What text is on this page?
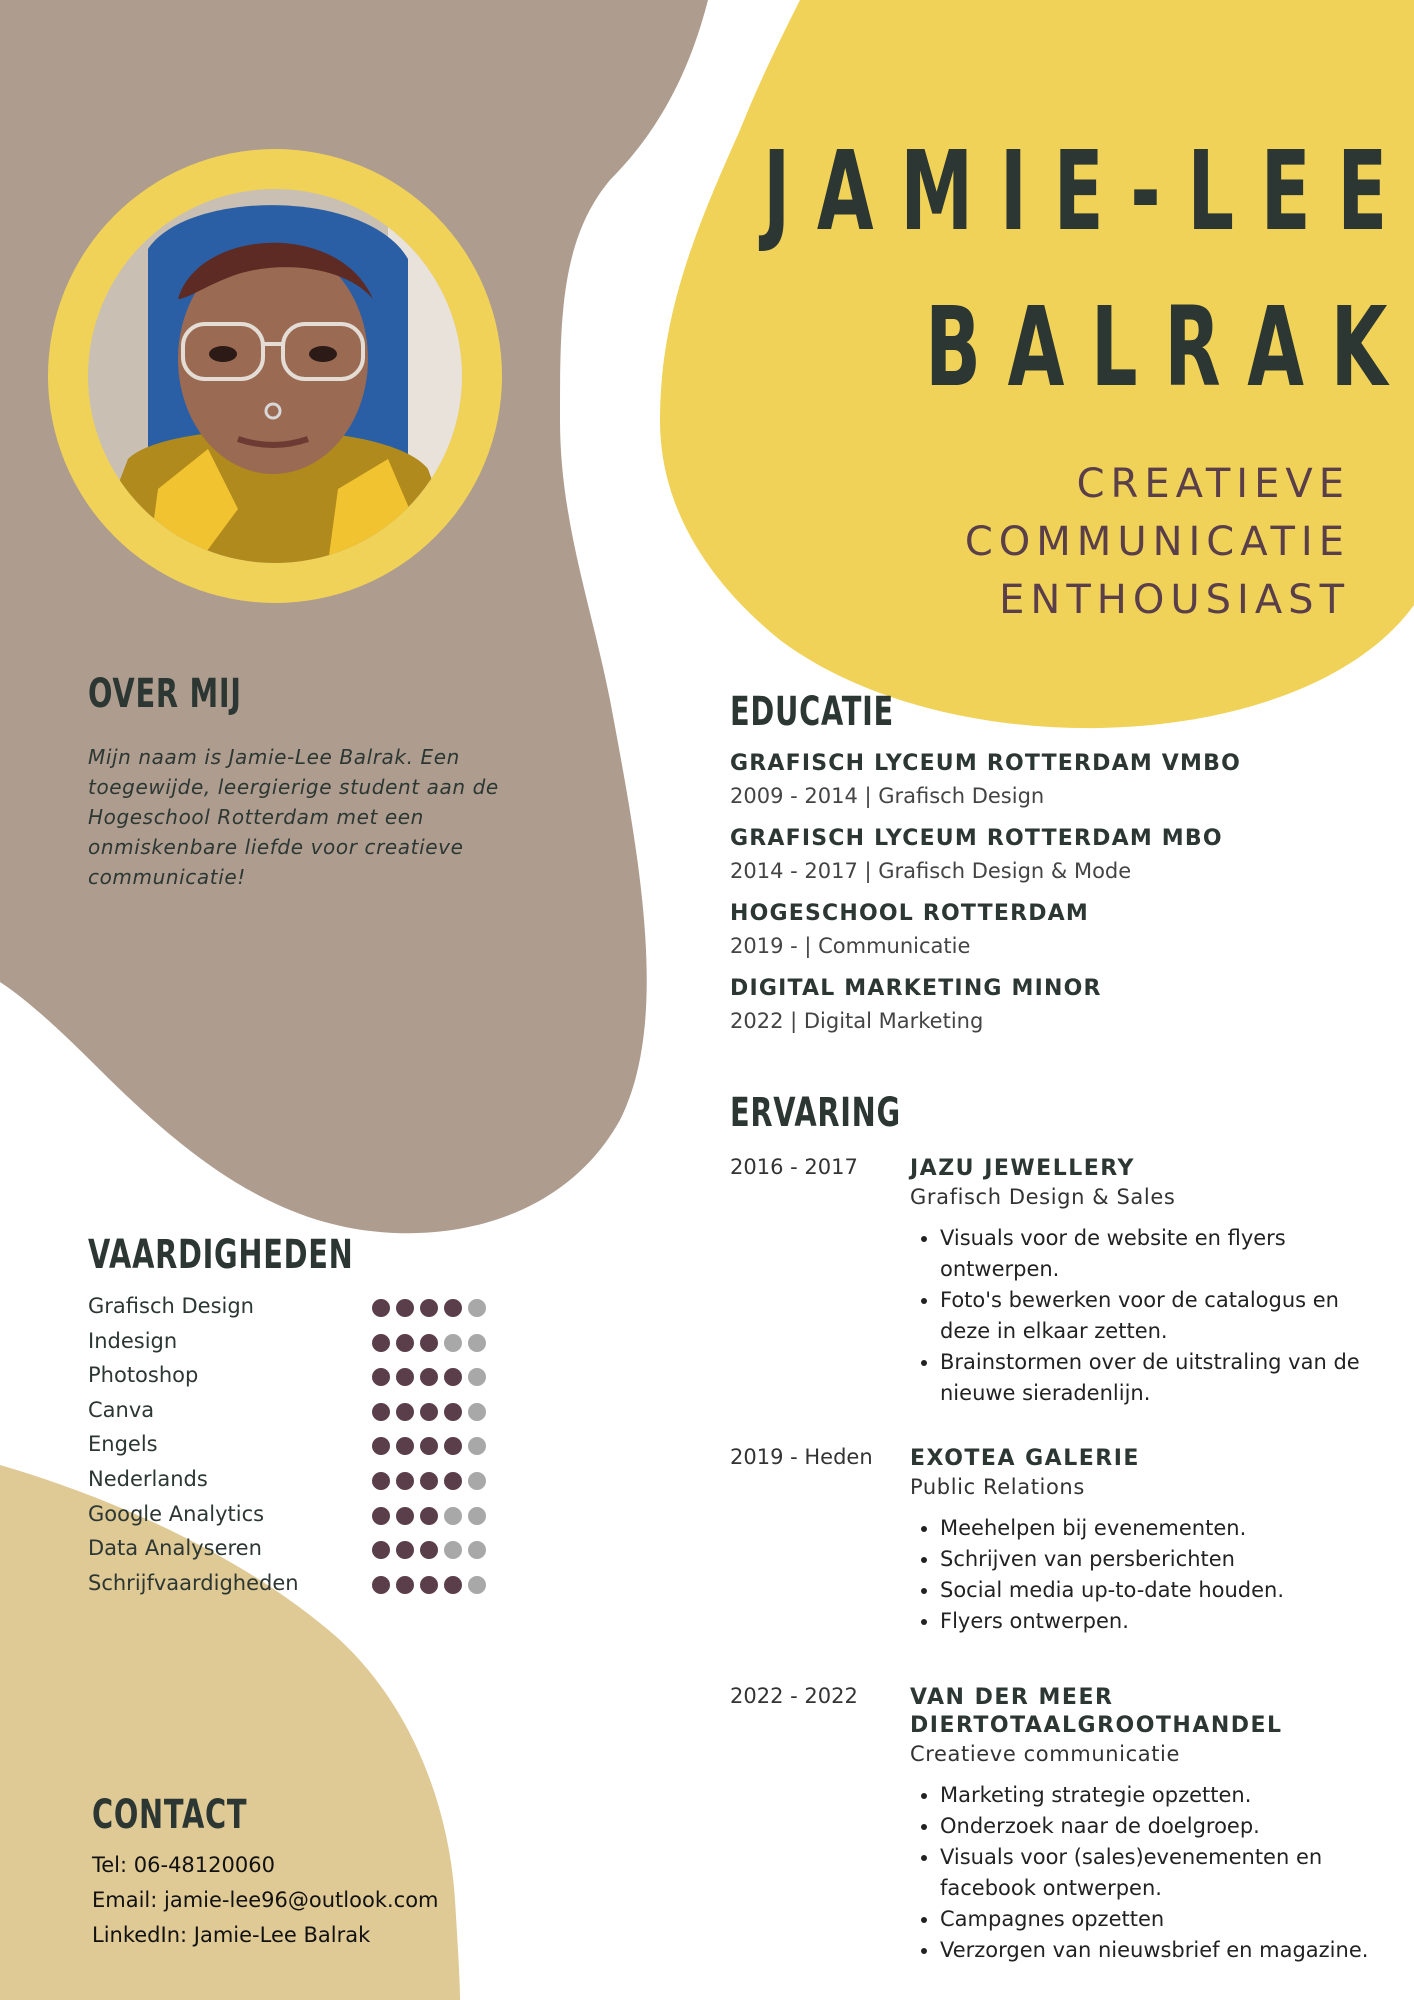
JAMIE-LEE
BALRAK
CREATIEVE
COMMUNICATIE
ENTHOUSIAST
OVER MIJ
Mijn naam is Jamie-Lee Balrak. Een toegewijde, leergierige student aan de Hogeschool Rotterdam met een onmiskenbare liefde voor creatieve communicatie!
EDUCATIE
GRAFISCH LYCEUM ROTTERDAM VMBO
2009 - 2014 | Grafisch Design
GRAFISCH LYCEUM ROTTERDAM MBO
2014 - 2017 | Grafisch Design & Mode
HOGESCHOOL ROTTERDAM
2019 - | Communicatie
DIGITAL MARKETING MINOR
2022 | Digital Marketing
ERVARING
2016 - 2017 JAZU JEWELLERY
Grafisch Design & Sales
• Visuals voor de website en flyers ontwerpen.
• Foto's bewerken voor de catalogus en deze in elkaar zetten.
• Brainstormen over de uitstraling van de nieuwe sieradenlijn.
2019 - Heden EXOTEA GALERIE
Public Relations
• Meehelpen bij evenementen.
• Schrijven van persberichten
• Social media up-to-date houden.
• Flyers ontwerpen.
2022 - 2022 VAN DER MEER DIERTOTAALGROOTHANDEL
Creatieve communicatie
• Marketing strategie opzetten.
• Onderzoek naar de doelgroep.
• Visuals voor (sales)evenementen en facebook ontwerpen.
• Campagnes opzetten
• Verzorgen van nieuwsbrief en magazine.
VAARDIGHEDEN
Grafisch Design
Indesign
Photoshop
Canva
Engels
Nederlands
Google Analytics
Data Analyseren
Schrijfvaardigheden
CONTACT
Tel: 06-48120060
Email: jamie-lee96@outlook.com
LinkedIn: Jamie-Lee Balrak
